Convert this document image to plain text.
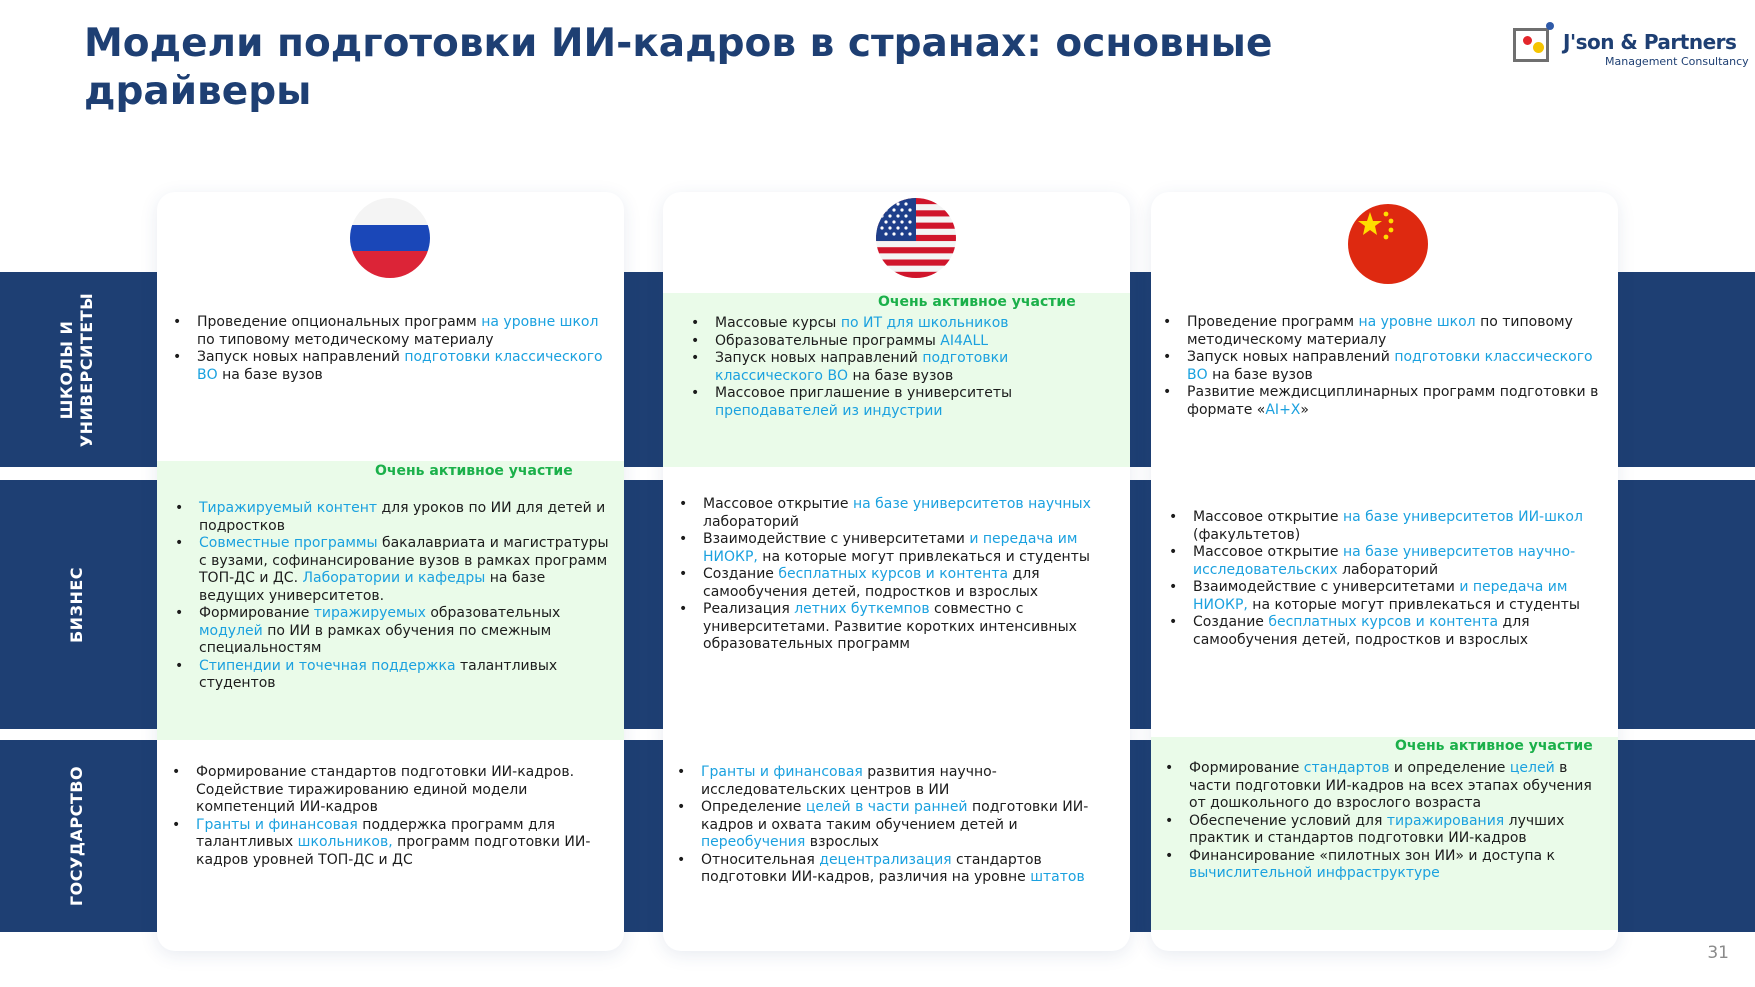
Модели подготовки ИИ-кадров в странах: основные драйверы
J'son & Partners
Management Consultancy
ШКОЛЫ И
УНИВЕРСИТЕТЫ
БИЗНЕС
ГОСУДАРСТВО
• Проведение опциональных программ на уровне школ по типовому методическому материалу
• Запуск новых направлений подготовки классического ВО на базе вузов
Очень активное участие
• Тиражируемый контент для уроков по ИИ для детей и подростков
• Совместные программы бакалавриата и магистратуры с вузами, софинансирование вузов в рамках программ ТОП-ДС и ДС. Лаборатории и кафедры на базе ведущих университетов.
• Формирование тиражируемых образовательных модулей по ИИ в рамках обучения по смежным специальностям
• Стипендии и точечная поддержка талантливых студентов
• Формирование стандартов подготовки ИИ-кадров. Содействие тиражированию единой модели компетенций ИИ-кадров
• Гранты и финансовая поддержка программ для талантливых школьников, программ подготовки ИИ-кадров уровней ТОП-ДС и ДС
Очень активное участие
• Массовые курсы по ИТ для школьников
• Образовательные программы AI4ALL
• Запуск новых направлений подготовки классического ВО на базе вузов
• Массовое приглашение в университеты преподавателей из индустрии
• Массовое открытие на базе университетов научных лабораторий
• Взаимодействие с университетами и передача им НИОКР, на которые могут привлекаться и студенты
• Создание бесплатных курсов и контента для самообучения детей, подростков и взрослых
• Реализация летних буткемпов совместно с университетами. Развитие коротких интенсивных образовательных программ
• Гранты и финансовая развития научно-исследовательских центров в ИИ
• Определение целей в части ранней подготовки ИИ-кадров и охвата таким обучением детей и переобучения взрослых
• Относительная децентрализация стандартов подготовки ИИ-кадров, различия на уровне штатов
• Проведение программ на уровне школ по типовому методическому материалу
• Запуск новых направлений подготовки классического ВО на базе вузов
• Развитие междисциплинарных программ подготовки в формате «AI+X»
• Массовое открытие на базе университетов ИИ-школ (факультетов)
• Массовое открытие на базе университетов научно-исследовательских лабораторий
• Взаимодействие с университетами и передача им НИОКР, на которые могут привлекаться и студенты
• Создание бесплатных курсов и контента для самообучения детей, подростков и взрослых
Очень активное участие
• Формирование стандартов и определение целей в части подготовки ИИ-кадров на всех этапах обучения от дошкольного до взрослого возраста
• Обеспечение условий для тиражирования лучших практик и стандартов подготовки ИИ-кадров
• Финансирование «пилотных зон ИИ» и доступа к вычислительной инфраструктуре
31
